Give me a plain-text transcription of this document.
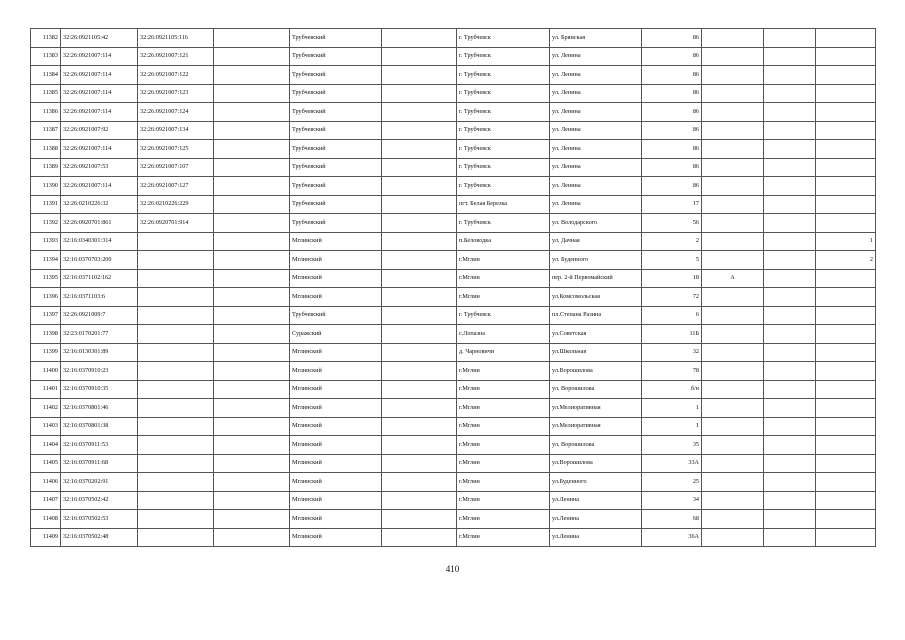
11382	32:26:0921105:42	32:26:0921105:116		Трубчевский		г. Трубчевск	ул. Брянская	86			
11383	32:26:0921007:114	32:26:0921007:121		Трубчевский		г. Трубчевск	ул. Ленина	86			
11384	32:26:0921007:114	32:26:0921007:122		Трубчевский		г. Трубчевск	ул. Ленина	86			
11385	32:26:0921007:114	32:26:0921007:123		Трубчевский		г. Трубчевск	ул. Ленина	86			
11386	32:26:0921007:114	32:26:0921007:124		Трубчевский		г. Трубчевск	ул. Ленина	86			
11387	32:26:0921007:92	32:26:0921007:134		Трубчевский		г. Трубчевск	ул. Ленина	86			
11388	32:26:0921007:114	32:26:0921007:125		Трубчевский		г. Трубчевск	ул. Ленина	86			
11389	32:26:0921007:53	32:26:0921007:107		Трубчевский		г. Трубчевск	ул. Ленина	86			
11390	32:26:0921007:114	32:26:0921007:127		Трубчевский		г. Трубчевск	ул. Ленина	86			
11391	32:26:0210226:32	32:26:0210226:229		Трубчевский		пгт. Белая Березка	ул. Ленина	17			
11392	32:26:0920701:861	32:26:0920701:914		Трубчевский		г. Трубчевск	ул. Володарского	56			
11393	32:16:0340301:314			Мглинский		п.Беловодка	ул. Дачная	2			1
11394	32:16:0370703:200			Мглинский		г.Мглин	ул. Буденного	5			2
11395	32:16:0371102:162			Мглинский		г.Мглин	пер. 2-й Первомайский	18	А		
11396	32:16:0371103:6			Мглинский		г.Мглин	ул.Комсомольская	72			
11397	32:26:0921009:7			Трубчевский		г. Трубчевск	пл.Степана Разина	6			
11398	32:23:0170201:77			Суражский		с.Лопазна	ул.Советская	11Б			
11399	32:16:0130301:89			Мглинский		д. Чарновичи	ул.Школьная	32			
11400	32:16:0370910:23			Мглинский		г.Мглин	ул.Ворошилова	78			
11401	32:16:0370910:35			Мглинский		г.Мглин	ул. Ворошилова	б/н			
11402	32:16:0370801:46			Мглинский		г.Мглин	ул.Мелиоративная	1			
11403	32:16:0370801:38			Мглинский		г.Мглин	ул.Мелиоративная	1			
11404	32:16:0370911:53			Мглинский		г.Мглин	ул. Ворошилова	35			
11405	32:16:0370911:68			Мглинский		г.Мглин	ул.Ворошилова	33А			
11406	32:16:0370202:91			Мглинский		г.Мглин	ул.Буденного	25			
11407	32:16:0370502:42			Мглинский		г.Мглин	ул.Ленина	34			
11408	32:16:0370502:53			Мглинский		г.Мглин	ул.Ленина	68			
11409	32:16:0370502:48			Мглинский		г.Мглин	ул.Ленина	36А			
410
